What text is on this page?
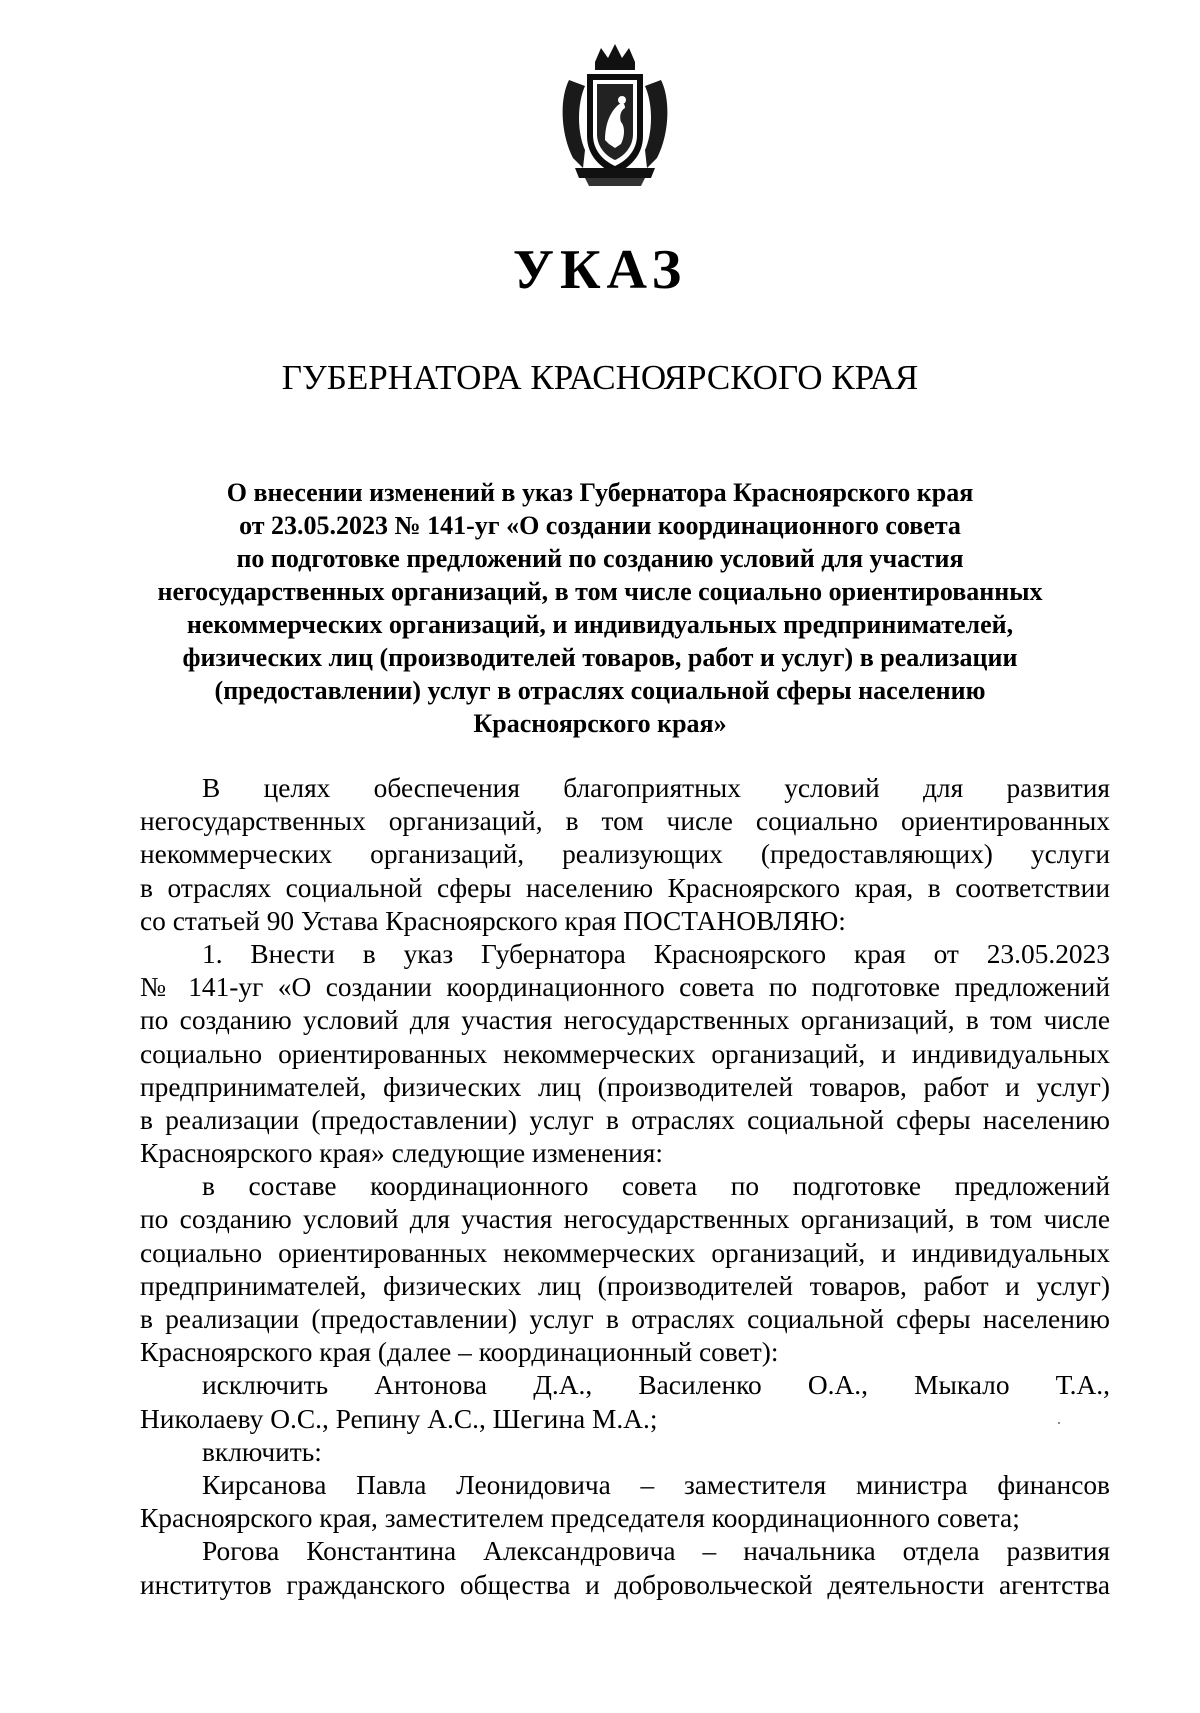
УКАЗ
ГУБЕРНАТОРА КРАСНОЯРСКОГО КРАЯ
О внесении изменений в указ Губернатора Красноярского края
от 23.05.2023 № 141-уг «О создании координационного совета
по подготовке предложений по созданию условий для участия
негосударственных организаций, в том числе социально ориентированных
некоммерческих организаций, и индивидуальных предпринимателей,
физических лиц (производителей товаров, работ и услуг) в реализации
(предоставлении) услуг в отраслях социальной сферы населению
Красноярского края»
В целях обеспечения благоприятных условий для развития
негосударственных организаций, в том числе социально ориентированных
некоммерческих организаций, реализующих (предоставляющих) услуги
в отраслях социальной сферы населению Красноярского края, в соответствии
со статьей 90 Устава Красноярского края ПОСТАНОВЛЯЮ:
1. Внести в указ Губернатора Красноярского края от 23.05.2023
№ 141-уг «О создании координационного совета по подготовке предложений
по созданию условий для участия негосударственных организаций, в том числе
социально ориентированных некоммерческих организаций, и индивидуальных
предпринимателей, физических лиц (производителей товаров, работ и услуг)
в реализации (предоставлении) услуг в отраслях социальной сферы населению
Красноярского края» следующие изменения:
в составе координационного совета по подготовке предложений
по созданию условий для участия негосударственных организаций, в том числе
социально ориентированных некоммерческих организаций, и индивидуальных
предпринимателей, физических лиц (производителей товаров, работ и услуг)
в реализации (предоставлении) услуг в отраслях социальной сферы населению
Красноярского края (далее – координационный совет):
исключить Антонова Д.А., Василенко О.А., Мыкало Т.А.,
Николаеву О.С., Репину А.С., Шегина М.А.;
включить:
Кирсанова Павла Леонидовича – заместителя министра финансов
Красноярского края, заместителем председателя координационного совета;
Рогова Константина Александровича – начальника отдела развития
институтов гражданского общества и добровольческой деятельности агентства
